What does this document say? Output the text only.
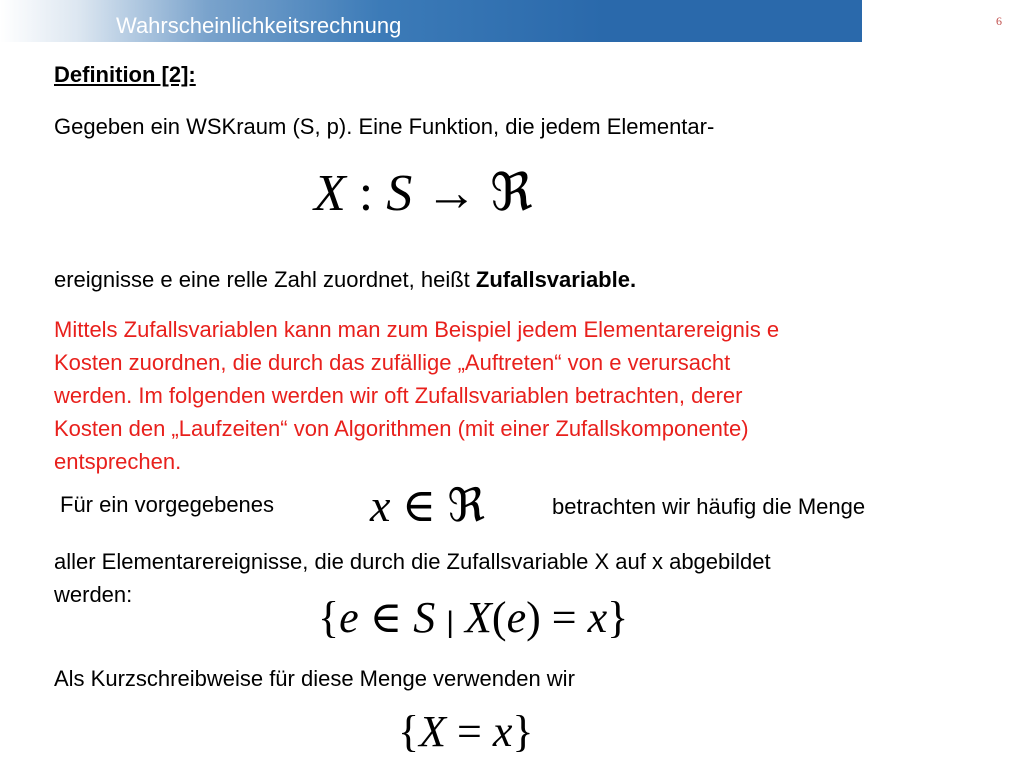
Wahrscheinlichkeitsrechnung	6
Definition [2]:
Gegeben ein WSKraum (S, p). Eine Funktion, die jedem Elementar-
X : S → ℜ
ereignisse e eine relle Zahl zuordnet, heißt Zufallsvariable.
Mittels Zufallsvariablen kann man zum Beispiel jedem Elementarereignis e
Kosten zuordnen, die durch das zufällige „Auftreten“ von e verursacht
werden. Im folgenden werden wir oft Zufallsvariablen betrachten, derer
Kosten den „Laufzeiten“ von Algorithmen (mit einer Zufallskomponente)
entsprechen.
Für ein vorgegebenes x ∈ ℜ	betrachten wir häufig die Menge
aller Elementarereignisse, die durch die Zufallsvariable X auf x abgebildet
werden:	{e ∈ S | X(e) = x}
Als Kurzschreibweise für diese Menge verwenden wir
{X = x}
